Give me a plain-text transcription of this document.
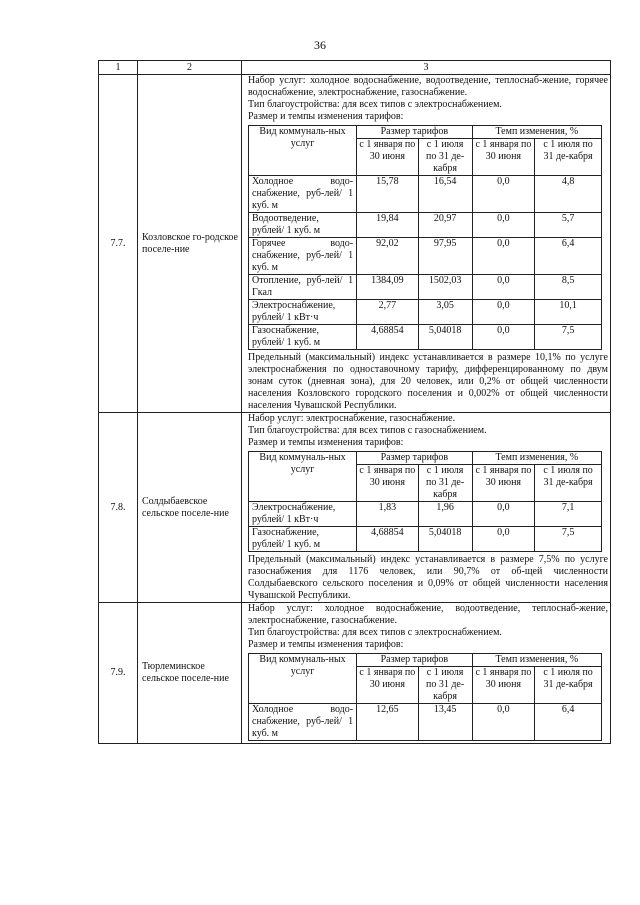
36
1	2	3
7.7.	Козловское го-родское поселе-ние	
Набор услуг: холодное водоснабжение, водоотведение, теплоснаб-жение, горячее водоснабжение, электроснабжение, газоснабжение.
Тип благоустройства: для всех типов с электроснабжением.
Размер и темпы изменения тарифов:
Вид коммуналь-ных услуг	Размер тарифов	Темп изменения, %
с 1 января по 30 июня	с 1 июля по 31 де-кабря	с 1 января по 30 июня	с 1 июля по 31 де-кабря
Холодное водо-снабжение, руб-лей/ 1 куб. м	15,78	16,54	0,0	4,8
Водоотведение, рублей/ 1 куб. м	19,84	20,97	0,0	5,7
Горячее водо-снабжение, руб-лей/ 1 куб. м	92,02	97,95	0,0	6,4
Отопление, руб-лей/ 1 Гкал	1384,09	1502,03	0,0	8,5
Электроснабжение, рублей/ 1 кВт·ч	2,77	3,05	0,0	10,1
Газоснабжение, рублей/ 1 куб. м	4,68854	5,04018	0,0	7,5
Предельный (максимальный) индекс устанавливается в размере 10,1% по услуге электроснабжения по одноставочному тарифу, дифференцированному по двум зонам суток (дневная зона), для 20 человек, или 0,2% от общей численности населения Козловского городского поселения и 0,002% от общей численности населения Чувашской Республики.

7.8.	Солдыбаевское сельское поселе-ние	
Набор услуг: электроснабжение, газоснабжение.
Тип благоустройства: для всех типов с газоснабжением.
Размер и темпы изменения тарифов:
Вид коммуналь-ных услуг	Размер тарифов	Темп изменения, %
с 1 января по 30 июня	с 1 июля по 31 де-кабря	с 1 января по 30 июня	с 1 июля по 31 де-кабря
Электроснабжение, рублей/ 1 кВт·ч	1,83	1,96	0,0	7,1
Газоснабжение, рублей/ 1 куб. м	4,68854	5,04018	0,0	7,5
Предельный (максимальный) индекс устанавливается в размере 7,5% по услуге газоснабжения для 1176 человек, или 90,7% от об-щей численности Солдыбаевского сельского поселения и 0,09% от общей численности населения Чувашской Республики.

7.9.	Тюрлеминское сельское поселе-ние	
Набор услуг: холодное водоснабжение, водоотведение, теплоснаб-жение, электроснабжение, газоснабжение.
Тип благоустройства: для всех типов с электроснабжением.
Размер и темпы изменения тарифов:
Вид коммуналь-ных услуг	Размер тарифов	Темп изменения, %
с 1 января по 30 июня	с 1 июля по 31 де-кабря	с 1 января по 30 июня	с 1 июля по 31 де-кабря
Холодное водо-снабжение, руб-лей/ 1 куб. м	12,65	13,45	0,0	6,4
